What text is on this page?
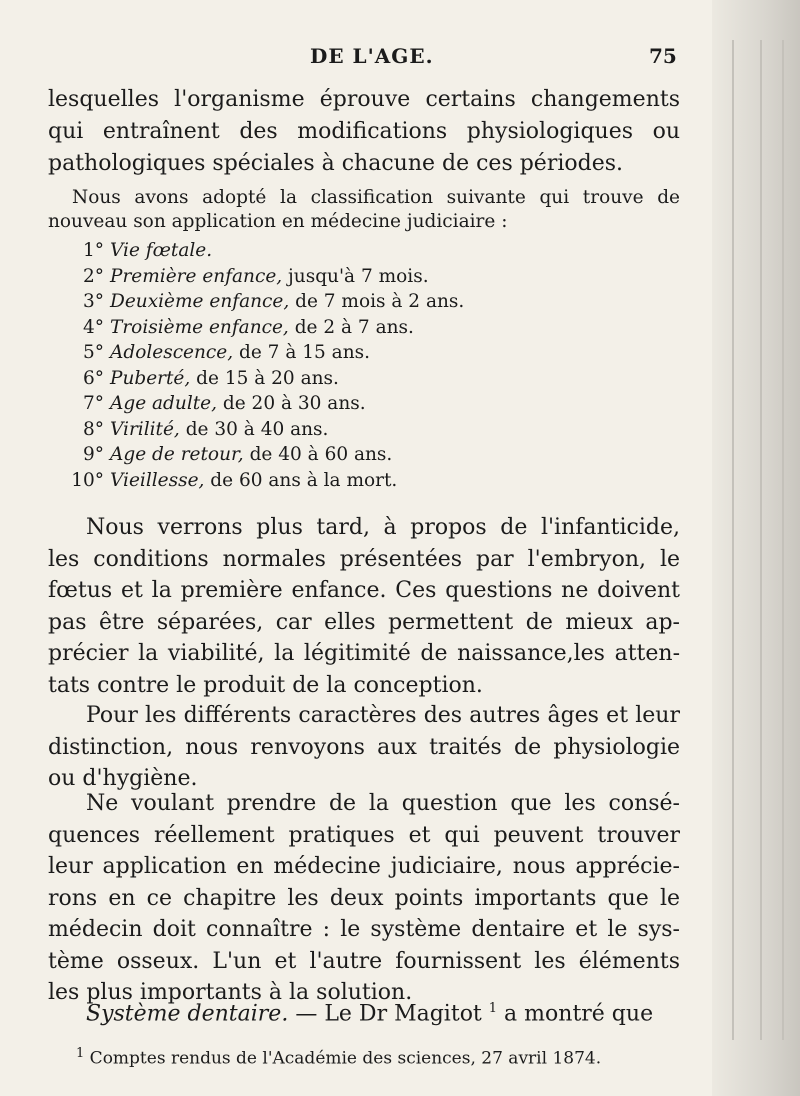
DE L'AGE.	75
lesquelles l'organisme éprouve certains changements
qui entraînent des modifications physiologiques ou
pathologiques spéciales à chacune de ces périodes.
Nous avons adopté la classification suivante qui trouve de
nouveau son application en médecine judiciaire :
1° Vie fœtale.
2° Première enfance, jusqu'à 7 mois.
3° Deuxième enfance, de 7 mois à 2 ans.
4° Troisième enfance, de 2 à 7 ans.
5° Adolescence, de 7 à 15 ans.
6° Puberté, de 15 à 20 ans.
7° Age adulte, de 20 à 30 ans.
8° Virilité, de 30 à 40 ans.
9° Age de retour, de 40 à 60 ans.
10° Vieillesse, de 60 ans à la mort.
Nous verrons plus tard, à propos de l'infanticide,
les conditions normales présentées par l'embryon, le
fœtus et la première enfance. Ces questions ne doivent
pas être séparées, car elles permettent de mieux ap-
précier la viabilité, la légitimité de naissance,les atten-
tats contre le produit de la conception.
Pour les différents caractères des autres âges et leur
distinction, nous renvoyons aux traités de physiologie
ou d'hygiène.
Ne voulant prendre de la question que les consé-
quences réellement pratiques et qui peuvent trouver
leur application en médecine judiciaire, nous apprécie-
rons en ce chapitre les deux points importants que le
médecin doit connaître : le système dentaire et le sys-
tème osseux. L'un et l'autre fournissent les éléments
les plus importants à la solution.
Système dentaire. — Le Dr Magitot $^1$ a montré que
$^1$ Comptes rendus de l'Académie des sciences, 27 avril 1874.
